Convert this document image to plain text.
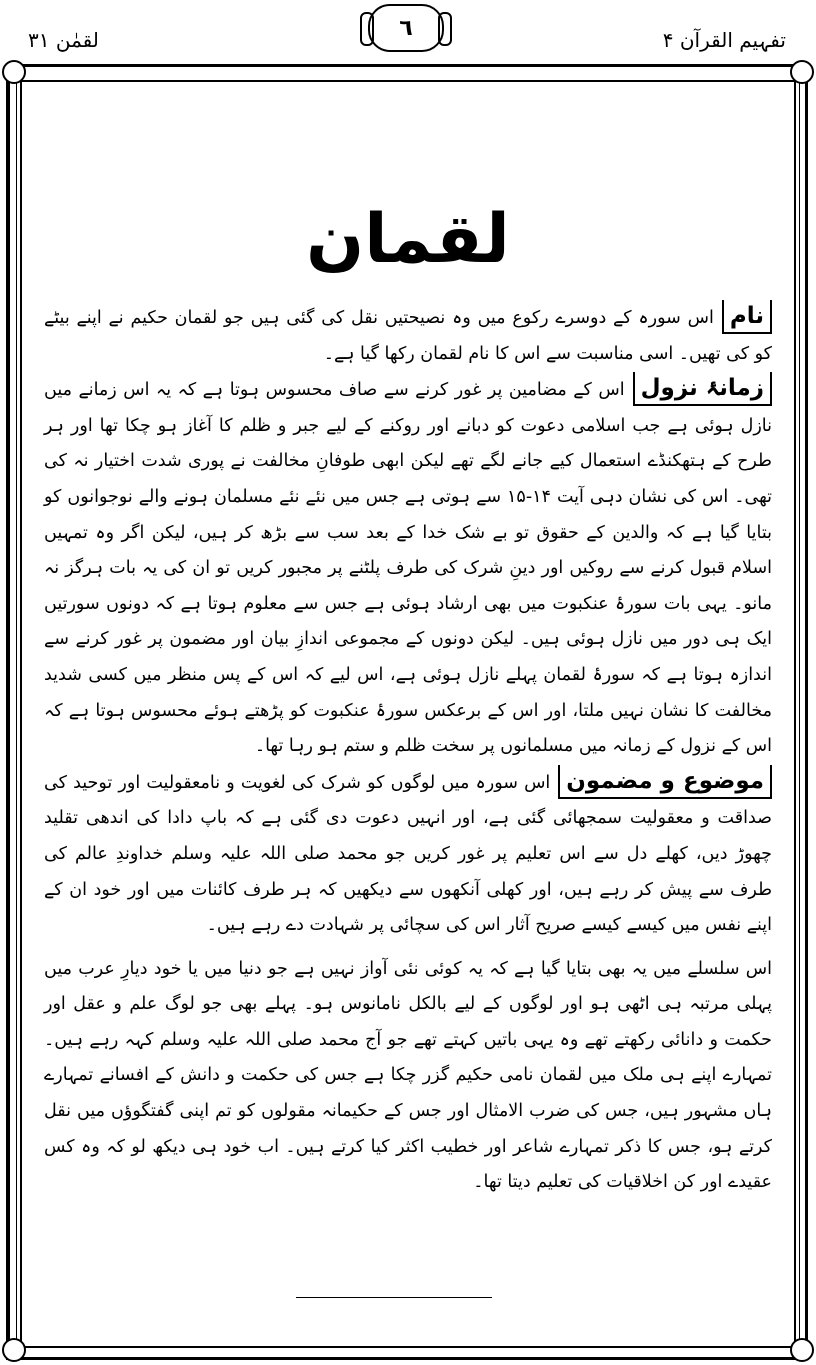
لقمٰن ۳۱	٦	تفہیم القرآن ۴
لقمان

ناماس سورہ کے دوسرے رکوع میں وہ نصیحتیں نقل کی گئی ہیں جو لقمان حکیم نے اپنے بیٹے کو کی تھیں۔ اسی مناسبت سے اس کا نام لقمان رکھا گیا ہے۔

زمانۂ نزولاس کے مضامین پر غور کرنے سے صاف محسوس ہوتا ہے کہ یہ اس زمانے میں نازل ہوئی ہے جب اسلامی دعوت کو دبانے اور روکنے کے لیے جبر و ظلم کا آغاز ہو چکا تھا اور ہر طرح کے ہتھکنڈے استعمال کیے جانے لگے تھے لیکن ابھی طوفانِ مخالفت نے پوری شدت اختیار نہ کی تھی۔ اس کی نشان دہی آیت ۱۴-۱۵ سے ہوتی ہے جس میں نئے نئے مسلمان ہونے والے نوجوانوں کو بتایا گیا ہے کہ والدین کے حقوق تو بے شک خدا کے بعد سب سے بڑھ کر ہیں، لیکن اگر وہ تمہیں اسلام قبول کرنے سے روکیں اور دینِ شرک کی طرف پلٹنے پر مجبور کریں تو ان کی یہ بات ہرگز نہ مانو۔ یہی بات سورۂ عنکبوت میں بھی ارشاد ہوئی ہے جس سے معلوم ہوتا ہے کہ دونوں سورتیں ایک ہی دور میں نازل ہوئی ہیں۔ لیکن دونوں کے مجموعی اندازِ بیان اور مضمون پر غور کرنے سے اندازہ ہوتا ہے کہ سورۂ لقمان پہلے نازل ہوئی ہے، اس لیے کہ اس کے پس منظر میں کسی شدید مخالفت کا نشان نہیں ملتا، اور اس کے برعکس سورۂ عنکبوت کو پڑھتے ہوئے محسوس ہوتا ہے کہ اس کے نزول کے زمانہ میں مسلمانوں پر سخت ظلم و ستم ہو رہا تھا۔

موضوع و مضموناس سورہ میں لوگوں کو شرک کی لغویت و نامعقولیت اور توحید کی صداقت و معقولیت سمجھائی گئی ہے، اور انہیں دعوت دی گئی ہے کہ باپ دادا کی اندھی تقلید چھوڑ دیں، کھلے دل سے اس تعلیم پر غور کریں جو محمد صلی اللہ علیہ وسلم خداوندِ عالم کی طرف سے پیش کر رہے ہیں، اور کھلی آنکھوں سے دیکھیں کہ ہر طرف کائنات میں اور خود ان کے اپنے نفس میں کیسے کیسے صریح آثار اس کی سچائی پر شہادت دے رہے ہیں۔

اس سلسلے میں یہ بھی بتایا گیا ہے کہ یہ کوئی نئی آواز نہیں ہے جو دنیا میں یا خود دیارِ عرب میں پہلی مرتبہ ہی اٹھی ہو اور لوگوں کے لیے بالکل نامانوس ہو۔ پہلے بھی جو لوگ علم و عقل اور حکمت و دانائی رکھتے تھے وہ یہی باتیں کہتے تھے جو آج محمد صلی اللہ علیہ وسلم کہہ رہے ہیں۔ تمہارے اپنے ہی ملک میں لقمان نامی حکیم گزر چکا ہے جس کی حکمت و دانش کے افسانے تمہارے ہاں مشہور ہیں، جس کی ضرب الامثال اور جس کے حکیمانہ مقولوں کو تم اپنی گفتگوؤں میں نقل کرتے ہو، جس کا ذکر تمہارے شاعر اور خطیب اکثر کیا کرتے ہیں۔ اب خود ہی دیکھ لو کہ وہ کس عقیدے اور کن اخلاقیات کی تعلیم دیتا تھا۔
